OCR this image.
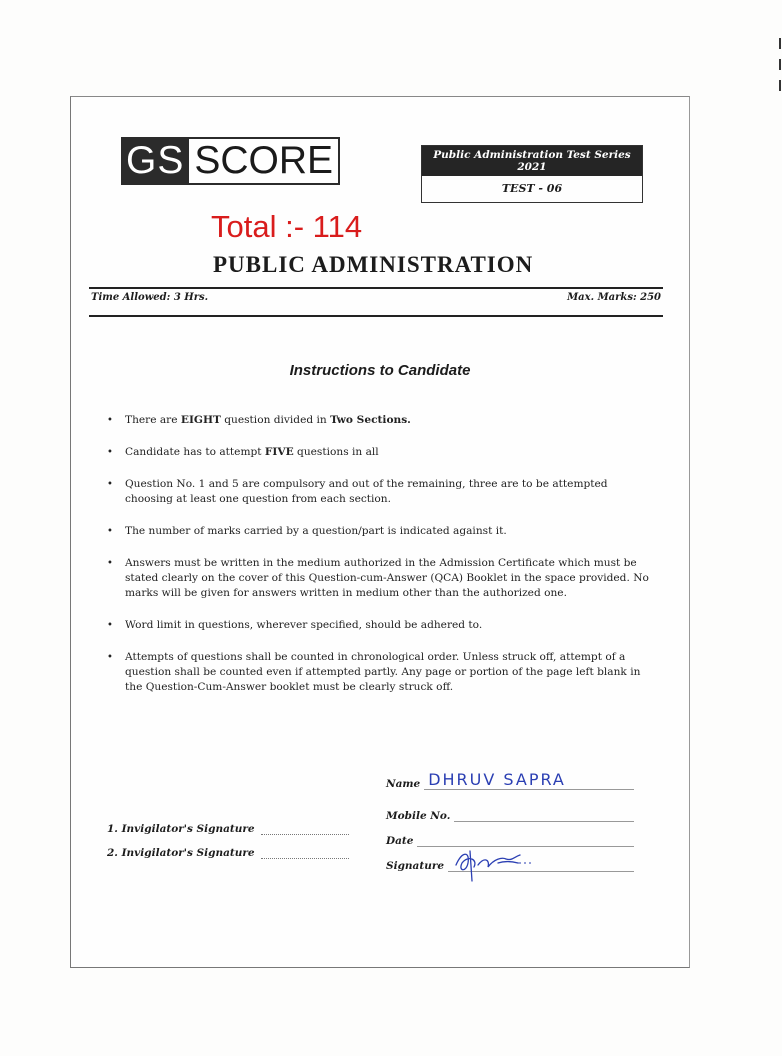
GS SCORE	Public Administration Test Series 2021
TEST - 06
Total :- 114
PUBLIC ADMINISTRATION
Time Allowed: 3 Hrs.	Max. Marks: 250
Instructions to Candidate
• There are EIGHT question divided in Two Sections.
• Candidate has to attempt FIVE questions in all
• Question No. 1 and 5 are compulsory and out of the remaining, three are to be attempted choosing at least one question from each section.
• The number of marks carried by a question/part is indicated against it.
• Answers must be written in the medium authorized in the Admission Certificate which must be stated clearly on the cover of this Question-cum-Answer (QCA) Booklet in the space provided. No marks will be given for answers written in medium other than the authorized one.
• Word limit in questions, wherever specified, should be adhered to.
• Attempts of questions shall be counted in chronological order. Unless struck off, attempt of a question shall be counted even if attempted partly. Any page or portion of the page left blank in the Question-Cum-Answer booklet must be clearly struck off.
1. Invigilator's Signature
2. Invigilator's Signature
Name DHRUV SAPRA
Mobile No.
Date
Signature
